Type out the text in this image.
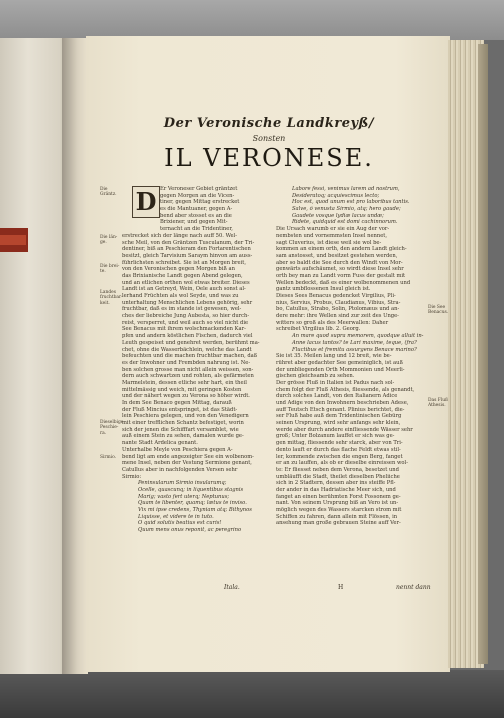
Der Veronische Landkreyß/
Sonsten
IL VERONESE.
D Er Veroneser Gebiet gräntzet
gegen Morgen an die Vicen-
tiner, gegen Mittag erstrecket
es die Mantuaner, gegen A-
bend aber stosset es an die
Brixiener, und gegen Mit-
ternacht an die Tridentiner,
erstrecket sich der länge nach auff 50. Wel-
sche Meil, von den Gräntzen Tusculanum, der Tri-
dentiner, biß an Peschieram den Fortarentischen
besitzt, gleich Tarvisium Saraym hinvon am auss-
führlichsten schreibet. Sie ist an Morgen breit,
von den Veronischen gegen Morgen biß an
das Brixianische Landt gegen Abend gelegen,
und an etlichen orthen wol etwas breiter. Dieses
Landt ist an Getreyd, Wein, Oele auch sonst al-
lerhand Früchten als wol Seyde, und was zu
unterhaltung Menschlichen Lebens gehörig, sehr
fruchtbar, daß es im stande ist gewesen, wel-
ches der liebreiche Jung Aubesta, so hier durch-
reist, versperret, und weil auch so viel nicht die
See Benacus mit ihrem wolschmackenden Kar-
pfen und andern köstlichen Fischen, dadurch viel
Leuth gespeiset und genehret werden, berühmt ma-
chet, ohne die Wasserbächlein, welche das Landt
befeuchten und die machen fruchtbar machen, daß
es der Inwohner und Frembden nahrung ist. Ne-
ben solchen grosse man nicht allein weissen, son-
dern auch schwartzen und rohten, als gefärmeten
Marmelstein, dessen etliche sehr hart, ein theil
mittelmässig und weich, mit geringen Kosten
und der nähert wegen zu Verona so höher wirdt.
In dem See Benaco gegen Mittag, darauß
der Fluß Mincius entspringet, ist das Städt-
lein Peschiera gelegen, und von den Venedigern
mit einer trefflichen Schantz befestiget, worin
sich der jenen die Schifffart versamblet, wie
auß einem Stein zu sehen, damalen wurde ge-
nante Stadt Ardelica genant.
Unterhalbe Meyle von Peschiera gegen A-
bend ligt am ende angezeigter See ein wolbenom-
mene Insel, neben der Vestung Sermione genant,
Catullus aber in nachfolgenden Versen sehr
Sirmio:
Peninsularum Sirmio insularumq;
Ocelle, quascunq; in liquentibus stagnis
Marig; vasto fert uterq; Neptunus;
Quam te libenter, quamq; lætus te inviso.
Vix mi ipse credens, Thyniam atq; Bithynos
Liquisse, et videre te in tuto.
O quid solutis beatius est curis!
Quum mens onus reponit, ac peregrino
Labore fessi, venimus larem ad nostrum,
Desideratoq; acquiescimus lecto;
Hoc est, quod unum est pro laboribus tantis.
Salve, ô venusta Sirmio, atq; hero gaude;
Gaudete vosque lydiæ lacus undæ;
Ridete, quidquid est domi cachinnorum.
Die Ursach warumb er sie ein Aug der vor-
nembsten und vornemmsten Insel nennet,
sagt Cluverius, ist diese weil sie wol be-
kommen an einem orth, den andern Landt gleich-
sam anstosset, und besitzet gestehen werden,
aber so baldt die See durch den Windt von Mor-
genwärts aufschäumet, so wirdt diese Insel sehr
orth bey man zu Landt vorm Fuss der gestalt mit
Wellen bedeckt, daß es einer wolbenommenen und
gantz umbflossenen Insul gleich ist.
Dieses Sees Benacus gedencket Virgilius, Pli-
nius, Servius, Probus, Claudianus, Vibius, Stra-
bo, Catullus, Strabo, Solin, Ptolomæus und an-
dere mehr: ihre Wellen sind zur zeit des Unge-
witters so groß als des Meerwallen: Daher
schreibet Virgilius lib. 2. Georg.
An mare quod supra memorem, quodque alluit in-
Anne lacus tantos? te Lari maxime, teque, (fra?
Fluctibus et fremitu assurgens Benace marino?
Sie ist 35. Meilen lang und 12 breit, wie be-
rühret aber gedachter See gemeiniglich, ist auß
der umbliegenden Orth Mommonien und Meerli-
gischen gleichsamb zu sehen.
Der grösse Fluß in Italien ist Padus nach sol-
chem folgt der Fluß Athesis, fliessende, als genandt,
durch solches Landt, von den Italianern Adice
und Adige von den Inwohnern beschrieben Adese,
auff Teutsch Etsch genant. Plinius berichtet, die-
ser Fluß habe auß dem Tridentinischen Gebürg
seinen Ursprung, wird sehr anfangs sehr klein,
werde aber durch andere einfliessende Wässer sehr
groß; Unter Bolzanum lauffet er sich was ge-
gen mittag, fliessende sehr starck, aber von Tri-
dento lauft er durch das flache Feldt etwas stil-
ler, kommende zwischen die engen Berg, fanget
er an zu lauffen, als ob er dieselbe einreissen wol-
te: Er fliesset neben dem Verona, besetzet und
umbläufft die Stadt, theilet dieselben Pheliiche
sich in 2 Stadtern, dessen aber ins steiffe Pfl-
der ander in das Hadriatische Meer sich, und
fanget an einen berühmten Forst Fossonem ge-
nant. Von seinem Ursprung biß an Vero ist un-
möglich wegen des Wassers starcken strom mit
Schiffen zu fahren, dann allein mit Flössen, in
ansehung man große gebrauen Steine auff Ver-
Die Gräntz.
Die län-ge.
Die brei-te.
Landes fruchtbar-keit.
Dieselbige Peschie-ra.
Sirmio.
Die See Benacus.
Das Fluß Athesis.
Itala.	H	nennt dann
